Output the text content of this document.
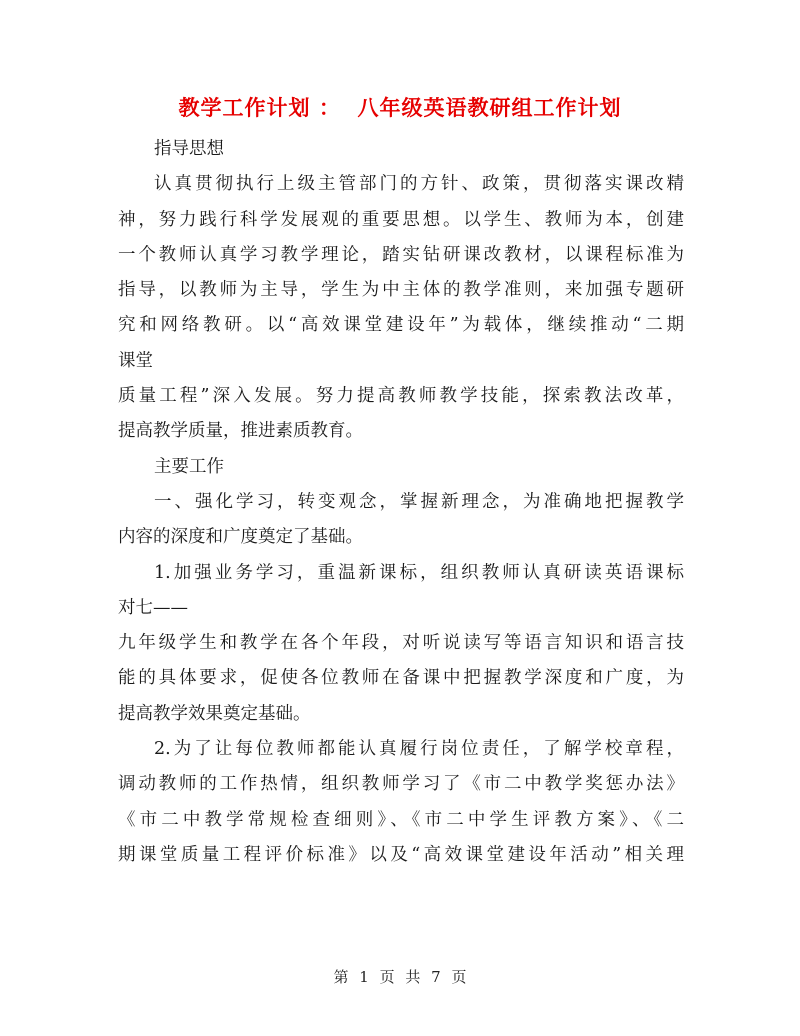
教学工作计划 ：  八年级英语教研组工作计划
指导思想
认真贯彻执行上级主管部门的方针、政策，贯彻落实课改精
神，努力践行科学发展观的重要思想。以学生、教师为本，创建
一个教师认真学习教学理论，踏实钻研课改教材，以课程标准为
指导，以教师为主导，学生为中主体的教学准则，来加强专题研
究和网络教研。以“高效课堂建设年”为载体，继续推动“二期
课堂
质量工程”深入发展。努力提高教师教学技能，探索教法改革，
提高教学质量，推进素质教育。
主要工作
一、强化学习，转变观念，掌握新理念，为准确地把握教学
内容的深度和广度奠定了基础。
1.加强业务学习，重温新课标，组织教师认真研读英语课标
对七——
九年级学生和教学在各个年段，对听说读写等语言知识和语言技
能的具体要求，促使各位教师在备课中把握教学深度和广度，为
提高教学效果奠定基础。
2.为了让每位教师都能认真履行岗位责任，了解学校章程，
调动教师的工作热情，组织教师学习了《市二中教学奖惩办法》
《市二中教学常规检查细则》、《市二中学生评教方案》、《二
期课堂质量工程评价标准》以及“高效课堂建设年活动”相关理
第 1 页 共 7 页
